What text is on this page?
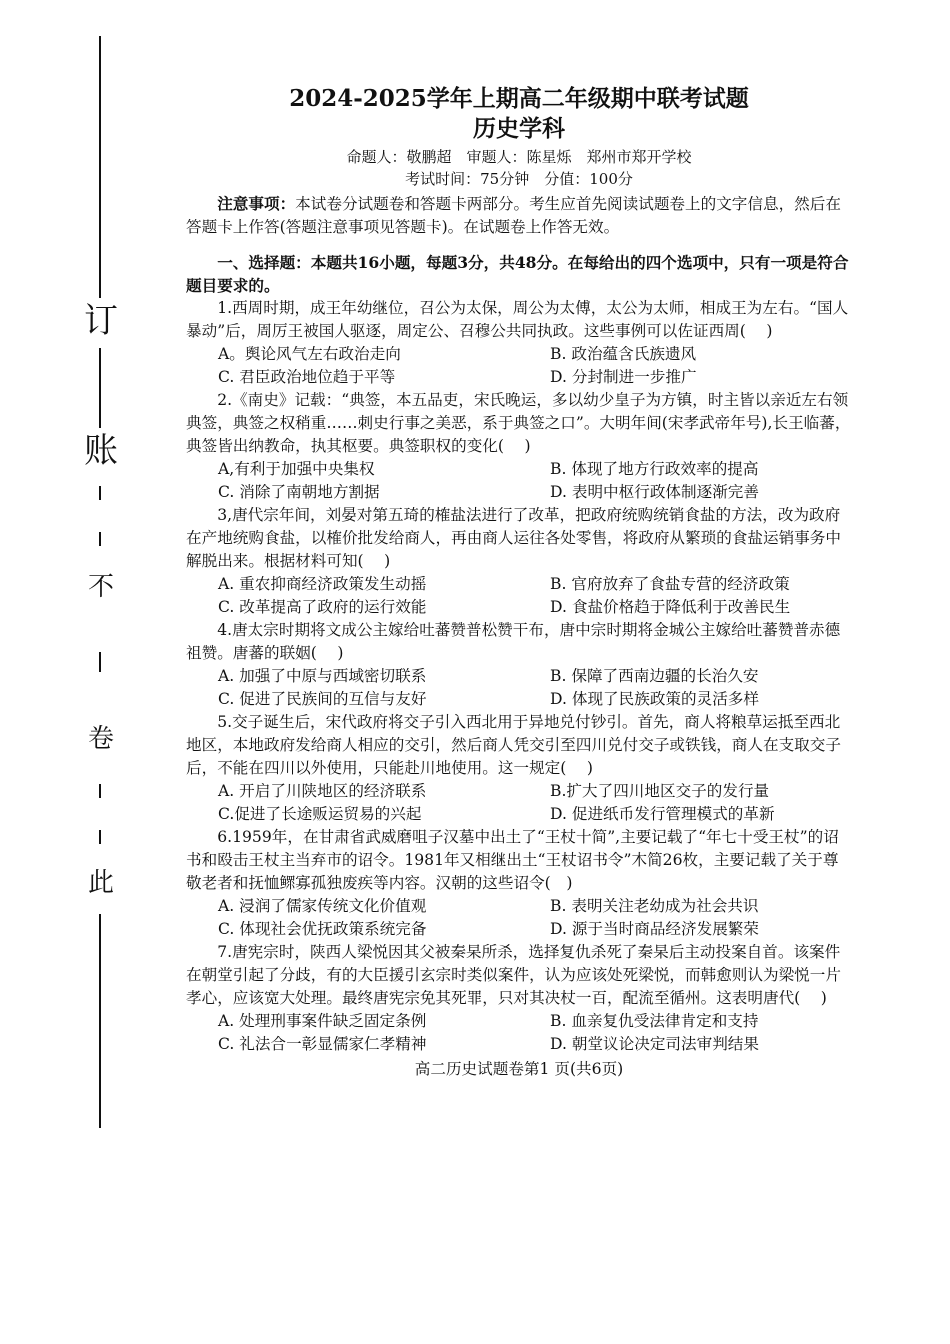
订
账
不
卷
此
2024-2025学年上期高二年级期中联考试题
历史学科
命题人：敬鹏超　审题人：陈星烁　郑州市郑开学校
考试时间：75分钟　分值：100分

注意事项：本试卷分试题卷和答题卡两部分。考生应首先阅读试题卷上的文字信息，然后在答题卡上作答(答题注意事项见答题卡)。在试题卷上作答无效。

一、选择题：本题共16小题，每题3分，共48分。在每给出的四个选项中，只有一项是符合题目要求的。

1.西周时期，成王年幼继位，召公为太保，周公为太傅，太公为太师，相成王为左右。“国人暴动”后，周厉王被国人驱逐，周定公、召穆公共同执政。这些事例可以佐证西周(　 )

A。舆论风气左右政治走向	B. 政治蕴含氏族遗风
C. 君臣政治地位趋于平等	D. 分封制进一步推广

2.《南史》记载：“典签，本五品吏，宋氏晚运，多以幼少皇子为方镇，时主皆以亲近左右领典签，典签之权稍重……刺史行事之美恶，系于典签之口”。大明年间(宋孝武帝年号),长王临蕃，典签皆出纳教命，执其枢要。典签职权的变化(　 )

A,有利于加强中央集权	B. 体现了地方行政效率的提高
C. 消除了南朝地方割据	D. 表明中枢行政体制逐渐完善

3,唐代宗年间，刘晏对第五琦的榷盐法进行了改革，把政府统购统销食盐的方法，改为政府在产地统购食盐，以榷价批发给商人，再由商人运往各处零售，将政府从繁琐的食盐运销事务中解脱出来。根据材料可知(　 )

A. 重农抑商经济政策发生动摇	B. 官府放弃了食盐专营的经济政策
C. 改革提高了政府的运行效能	D. 食盐价格趋于降低利于改善民生

4.唐太宗时期将文成公主嫁给吐蕃赞普松赞干布，唐中宗时期将金城公主嫁给吐蕃赞普赤德祖赞。唐蕃的联姻(　 )

A. 加强了中原与西域密切联系	B. 保障了西南边疆的长治久安
C. 促进了民族间的互信与友好	D. 体现了民族政策的灵活多样

5.交子诞生后，宋代政府将交子引入西北用于异地兑付钞引。首先，商人将粮草运抵至西北地区，本地政府发给商人相应的交引，然后商人凭交引至四川兑付交子或铁钱，商人在支取交子后，不能在四川以外使用，只能赴川地使用。这一规定(　 )

A. 开启了川陕地区的经济联系	B.扩大了四川地区交子的发行量
C.促进了长途贩运贸易的兴起	D. 促进纸币发行管理模式的革新

6.1959年，在甘肃省武威磨咀子汉墓中出土了“王杖十简”,主要记载了“年七十受王杖”的诏书和殴击王杖主当弃市的诏令。1981年又相继出土“王杖诏书令”木简26枚，主要记载了关于尊敬老者和抚恤鳏寡孤独废疾等内容。汉朝的这些诏令(　)

A. 浸润了儒家传统文化价值观	B. 表明关注老幼成为社会共识
C. 体现社会优抚政策系统完备	D. 源于当时商品经济发展繁荣

7.唐宪宗时，陕西人梁悦因其父被秦杲所杀，选择复仇杀死了秦杲后主动投案自首。该案件在朝堂引起了分歧，有的大臣援引玄宗时类似案件，认为应该处死梁悦，而韩愈则认为梁悦一片孝心，应该宽大处理。最终唐宪宗免其死罪，只对其决杖一百，配流至循州。这表明唐代(　 )

A. 处理刑事案件缺乏固定条例	B. 血亲复仇受法律肯定和支持
C. 礼法合一彰显儒家仁孝精神	D. 朝堂议论决定司法审判结果
高二历史试题卷第1 页(共6页)
